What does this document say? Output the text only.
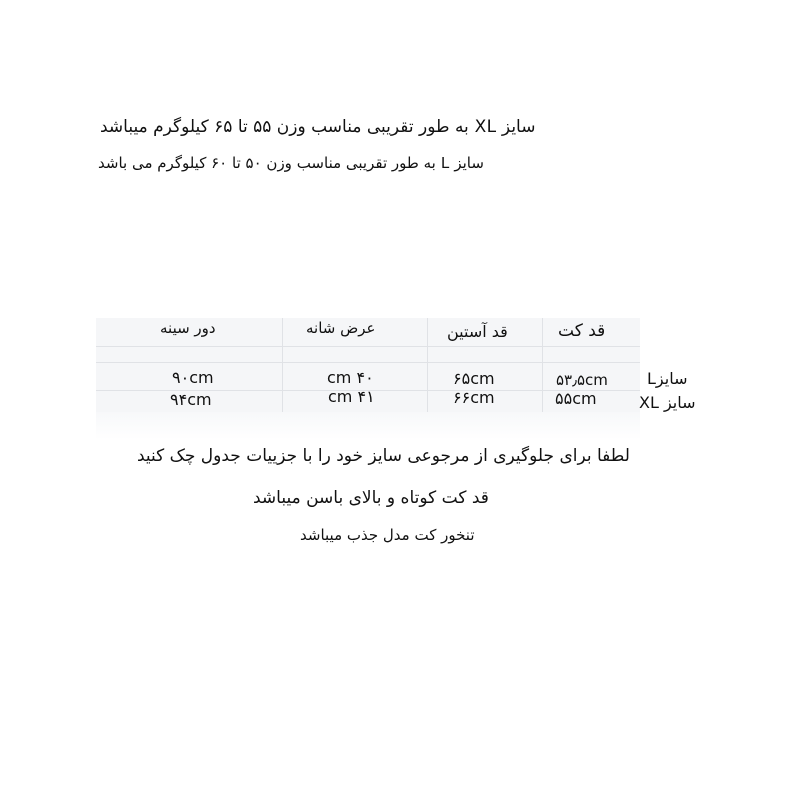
سایز XL به طور تقریبی مناسب وزن ۵۵ تا ۶۵ کیلوگرم میباشد
سایز L به طور تقریبی مناسب وزن ۵۰ تا ۶۰ کیلوگرم می باشد
قد کت
قد آستین
عرض شانه
دور سینه
سایزL
۵۳٫۵cm
۶۵cm
cm ۴۰
۹۰cm
سایز XL
۵۵cm
۶۶cm
cm ۴۱
۹۴cm
لطفا برای جلوگیری از مرجوعی سایز خود را با جزییات جدول چک کنید
قد کت کوتاه و بالای باسن میباشد
تنخور کت مدل جذب میباشد
